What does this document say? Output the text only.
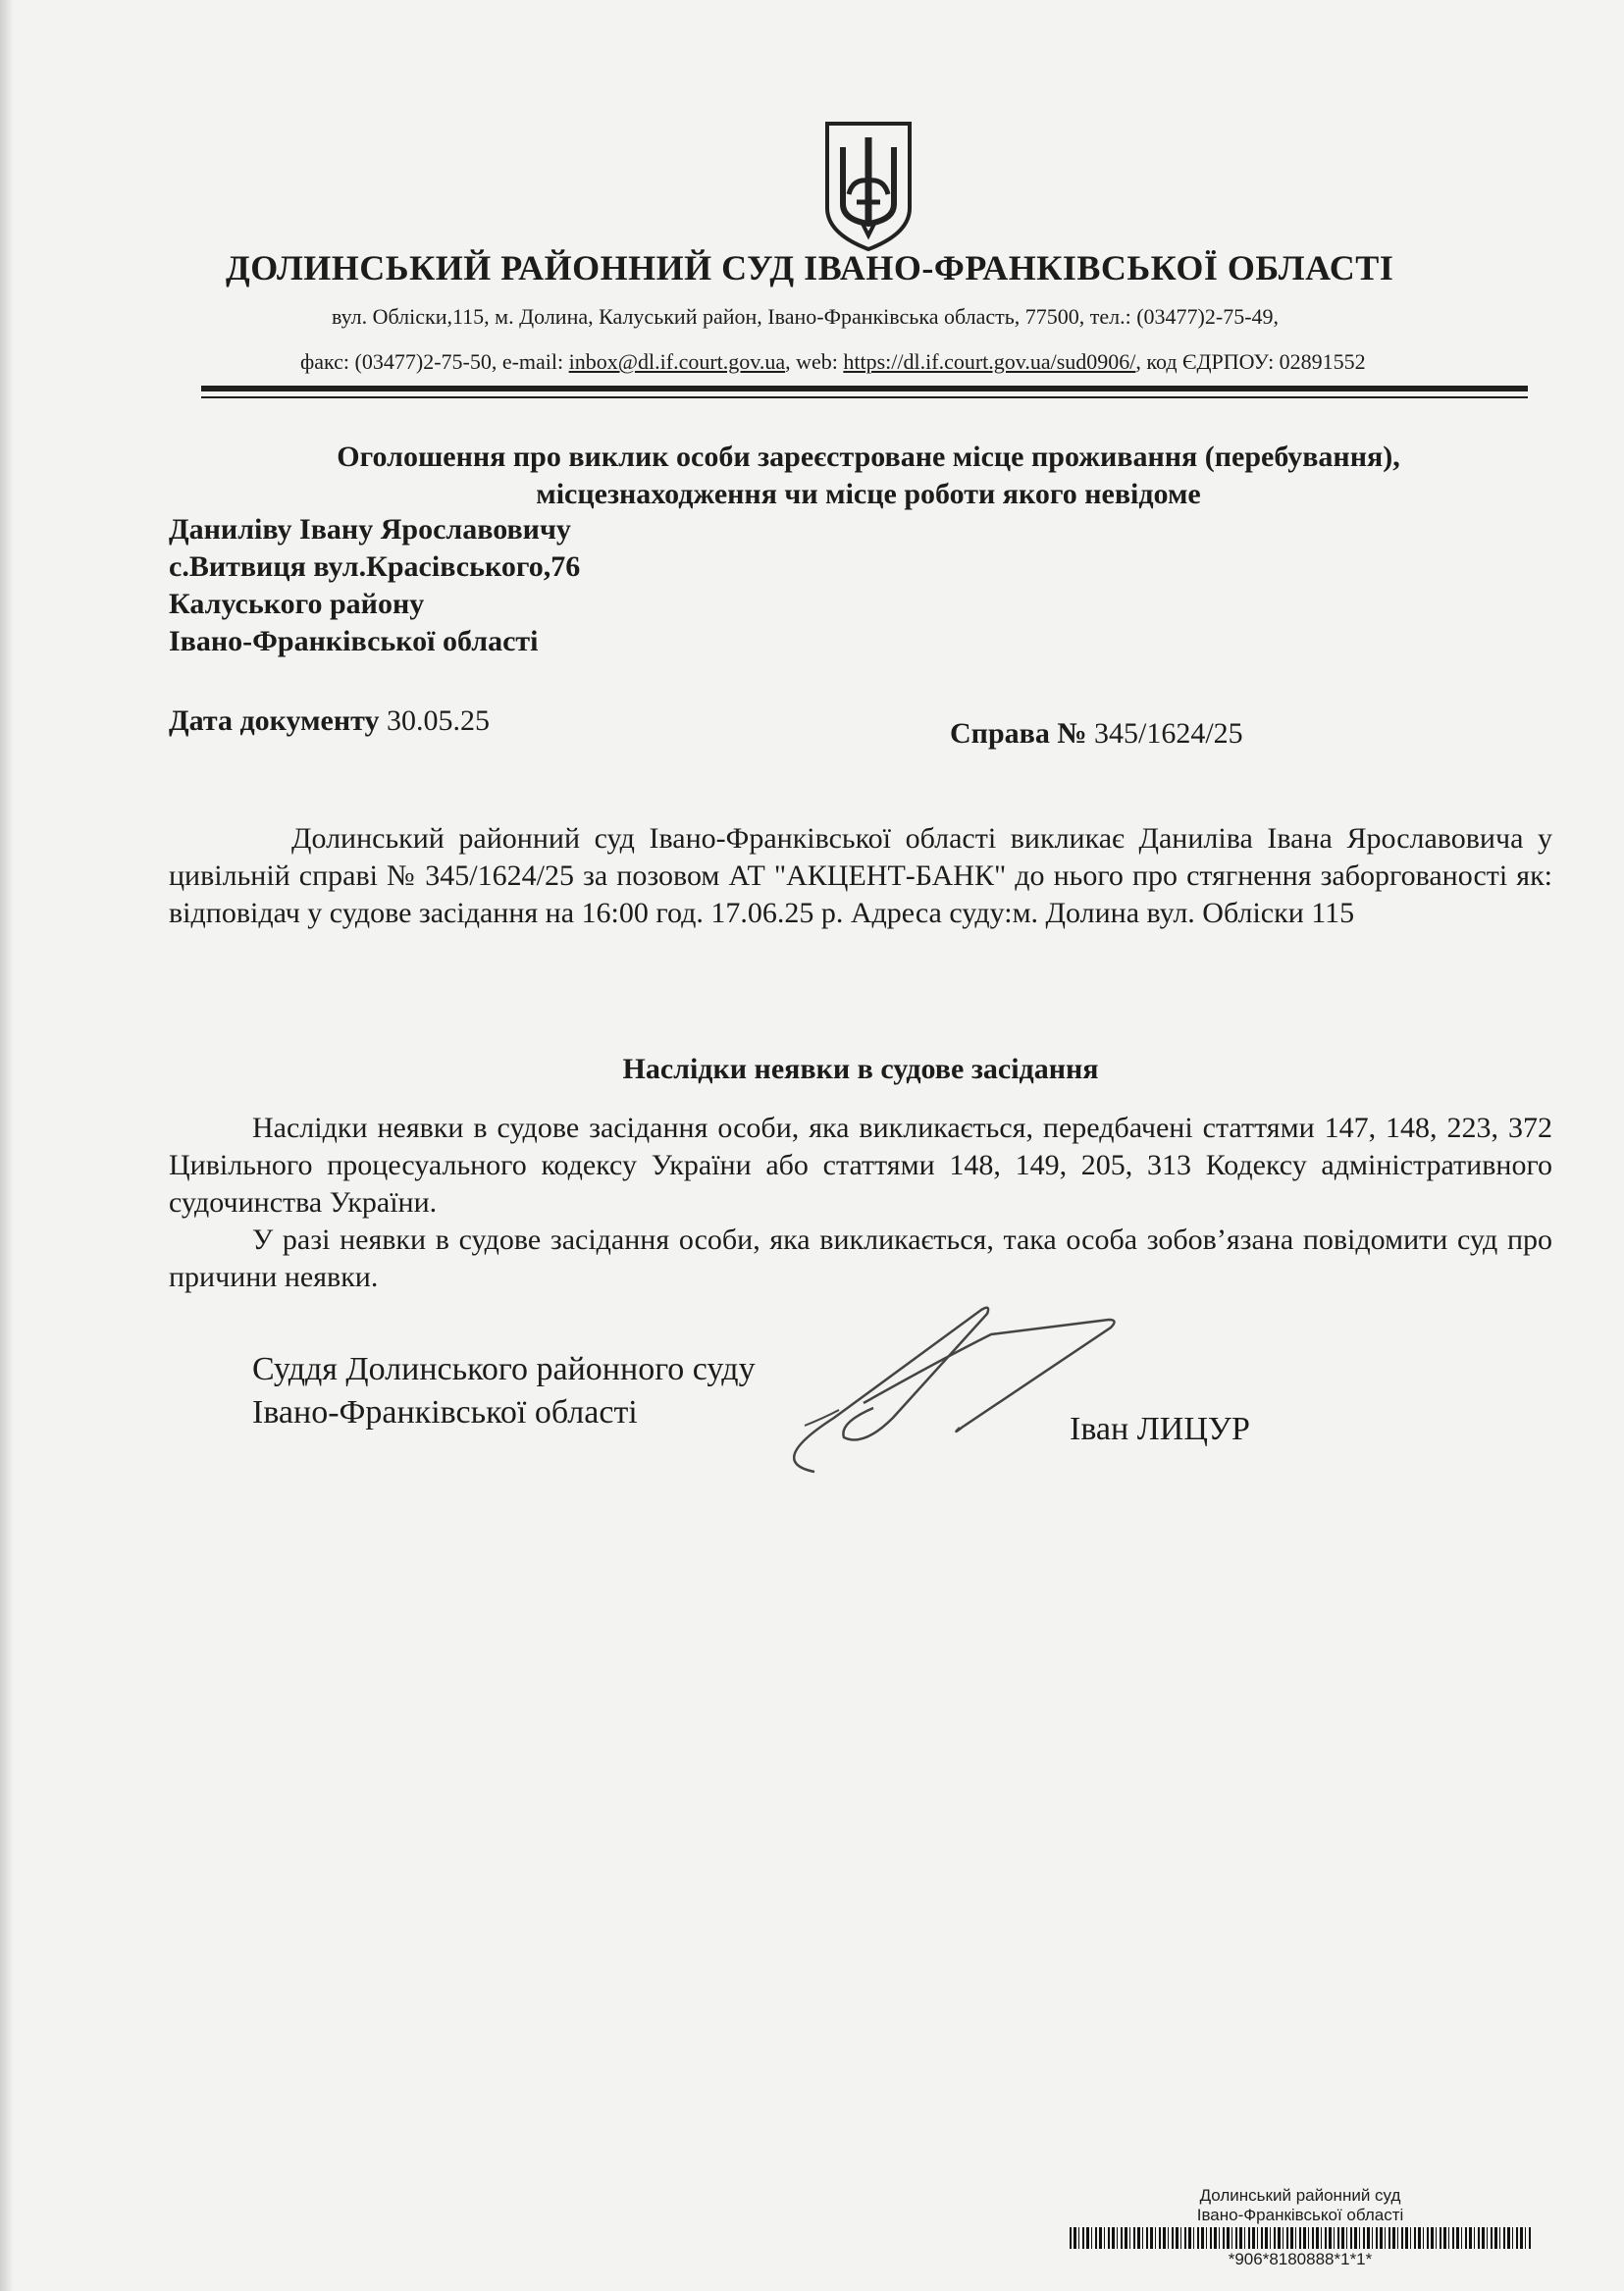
ДОЛИНСЬКИЙ РАЙОННИЙ СУД ІВАНО-ФРАНКІВСЬКОЇ ОБЛАСТІ
вул. Обліски,115, м. Долина, Калуський район, Івано-Франківська область, 77500, тел.: (03477)2-75-49,
факс: (03477)2-75-50, e-mail: inbox@dl.if.court.gov.ua, web: https://dl.if.court.gov.ua/sud0906/, код ЄДРПОУ: 02891552
Оголошення про виклик особи зареєстроване місце проживання (перебування),
місцезнаходження чи місце роботи якого невідоме
Даниліву Івану Ярославовичу
с.Витвиця вул.Красівського,76
Калуського району
Івано-Франківської області
Дата документу 30.05.25	Справа № 345/1624/25

Долинський районний суд Івано-Франківської області викликає Даниліва Івана Ярославовича у цивільній справі № 345/1624/25 за позовом АТ "АКЦЕНТ-БАНК" до нього про стягнення заборгованості як: відповідач у судове засідання на 16:00 год. 17.06.25 р. Адреса суду:м. Долина вул. Обліски 115

Наслідки неявки в судове засідання

Наслідки неявки в судове засідання особи, яка викликається, передбачені статтями 147, 148, 223, 372 Цивільного процесуального кодексу України або статтями 148, 149, 205, 313 Кодексу адміністративного судочинства України.

У разі неявки в судове засідання особи, яка викликається, така особа зобов’язана повідомити суд про причини неявки.

Суддя Долинського районного суду
Івано-Франківської області	Іван ЛИЦУР
Долинський районний суд
Івано-Франківської області
*906*8180888*1*1*
